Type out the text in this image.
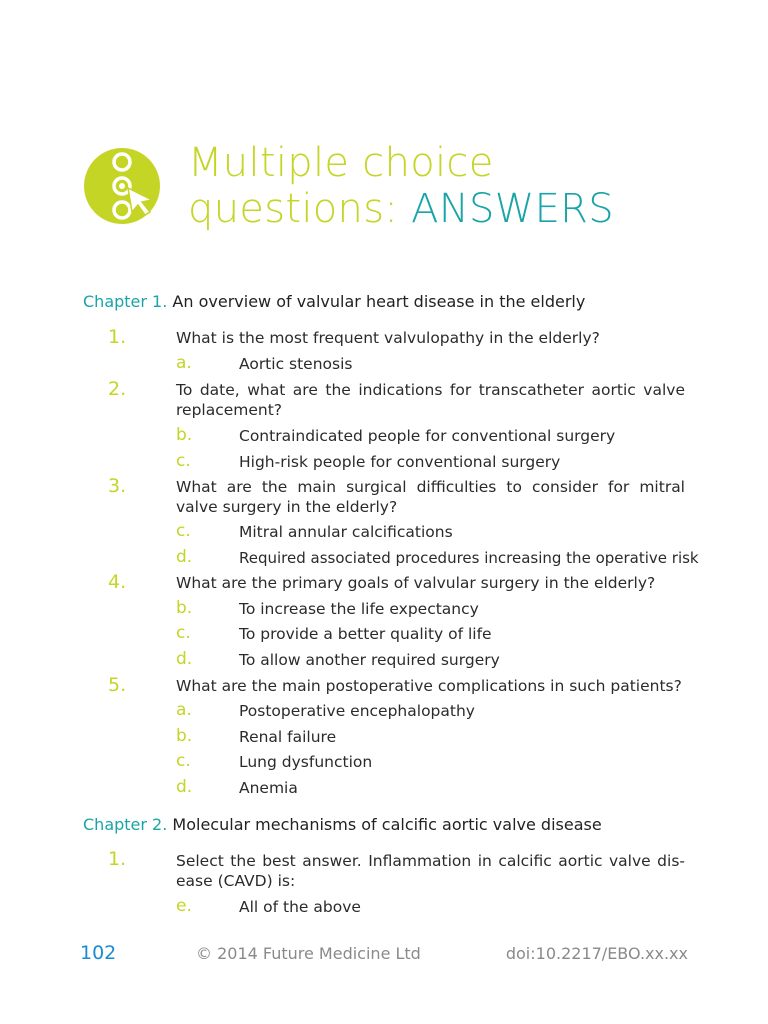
Multiple choice
questions: ANSWERS
Chapter 1. An overview of valvular heart disease in the elderly
1.	What is the most frequent valvulopathy in the elderly?
a.	Aortic stenosis
2.	To date, what are the indications for transcatheter aortic valve replacement?
b.	Contraindicated people for conventional surgery
c.	High-risk people for conventional surgery
3.	What are the main surgical difficulties to consider for mitral valve surgery in the elderly?
c.	Mitral annular calcifications
d.	Required associated procedures increasing the operative risk
4.	What are the primary goals of valvular surgery in the elderly?
b.	To increase the life expectancy
c.	To provide a better quality of life
d.	To allow another required surgery
5.	What are the main postoperative complications in such patients?
a.	Postoperative encephalopathy
b.	Renal failure
c.	Lung dysfunction
d.	Anemia
Chapter 2. Molecular mechanisms of calcific aortic valve disease
1.	Select the best answer. Inflammation in calcific aortic valve dis-ease (CAVD) is:
e.	All of the above
102	© 2014 Future Medicine Ltd	doi:10.2217/EBO.xx.xx
